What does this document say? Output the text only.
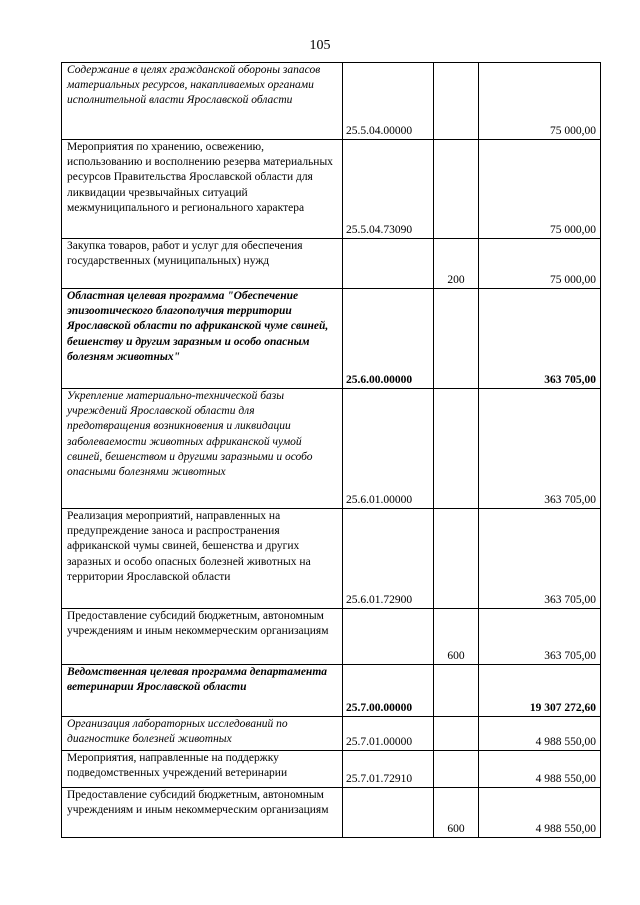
105
Содержание в целях гражданской обороны запасов материальных ресурсов, накапливаемых органами исполнительной власти Ярославской области	25.5.04.00000		75 000,00
Мероприятия по хранению, освежению, использованию и восполнению резерва материальных ресурсов Правительства Ярославской области для ликвидации чрезвычайных ситуаций межмуниципального и регионального характера	25.5.04.73090		75 000,00
Закупка товаров, работ и услуг для обеспечения государственных (муниципальных) нужд		200	75 000,00
Областная целевая программа "Обеспечение эпизоотического благополучия территории Ярославской области по африканской чуме свиней, бешенству и другим заразным и особо опасным болезням животных"	25.6.00.00000		363 705,00
Укрепление материально-технической базы учреждений Ярославской области для предотвращения возникновения и ликвидации заболеваемости животных африканской чумой свиней, бешенством и другими заразными и особо опасными болезнями животных	25.6.01.00000		363 705,00
Реализация мероприятий, направленных на предупреждение заноса и распространения африканской чумы свиней, бешенства и других заразных и особо опасных болезней животных на территории Ярославской области	25.6.01.72900		363 705,00
Предоставление субсидий бюджетным, автономным учреждениям и иным некоммерческим организациям		600	363 705,00
Ведомственная целевая программа департамента ветеринарии Ярославской области	25.7.00.00000		19 307 272,60
Организация лабораторных исследований по диагностике болезней животных	25.7.01.00000		4 988 550,00
Мероприятия, направленные на поддержку подведомственных учреждений ветеринарии	25.7.01.72910		4 988 550,00
Предоставление субсидий бюджетным, автономным учреждениям и иным некоммерческим организациям		600	4 988 550,00
